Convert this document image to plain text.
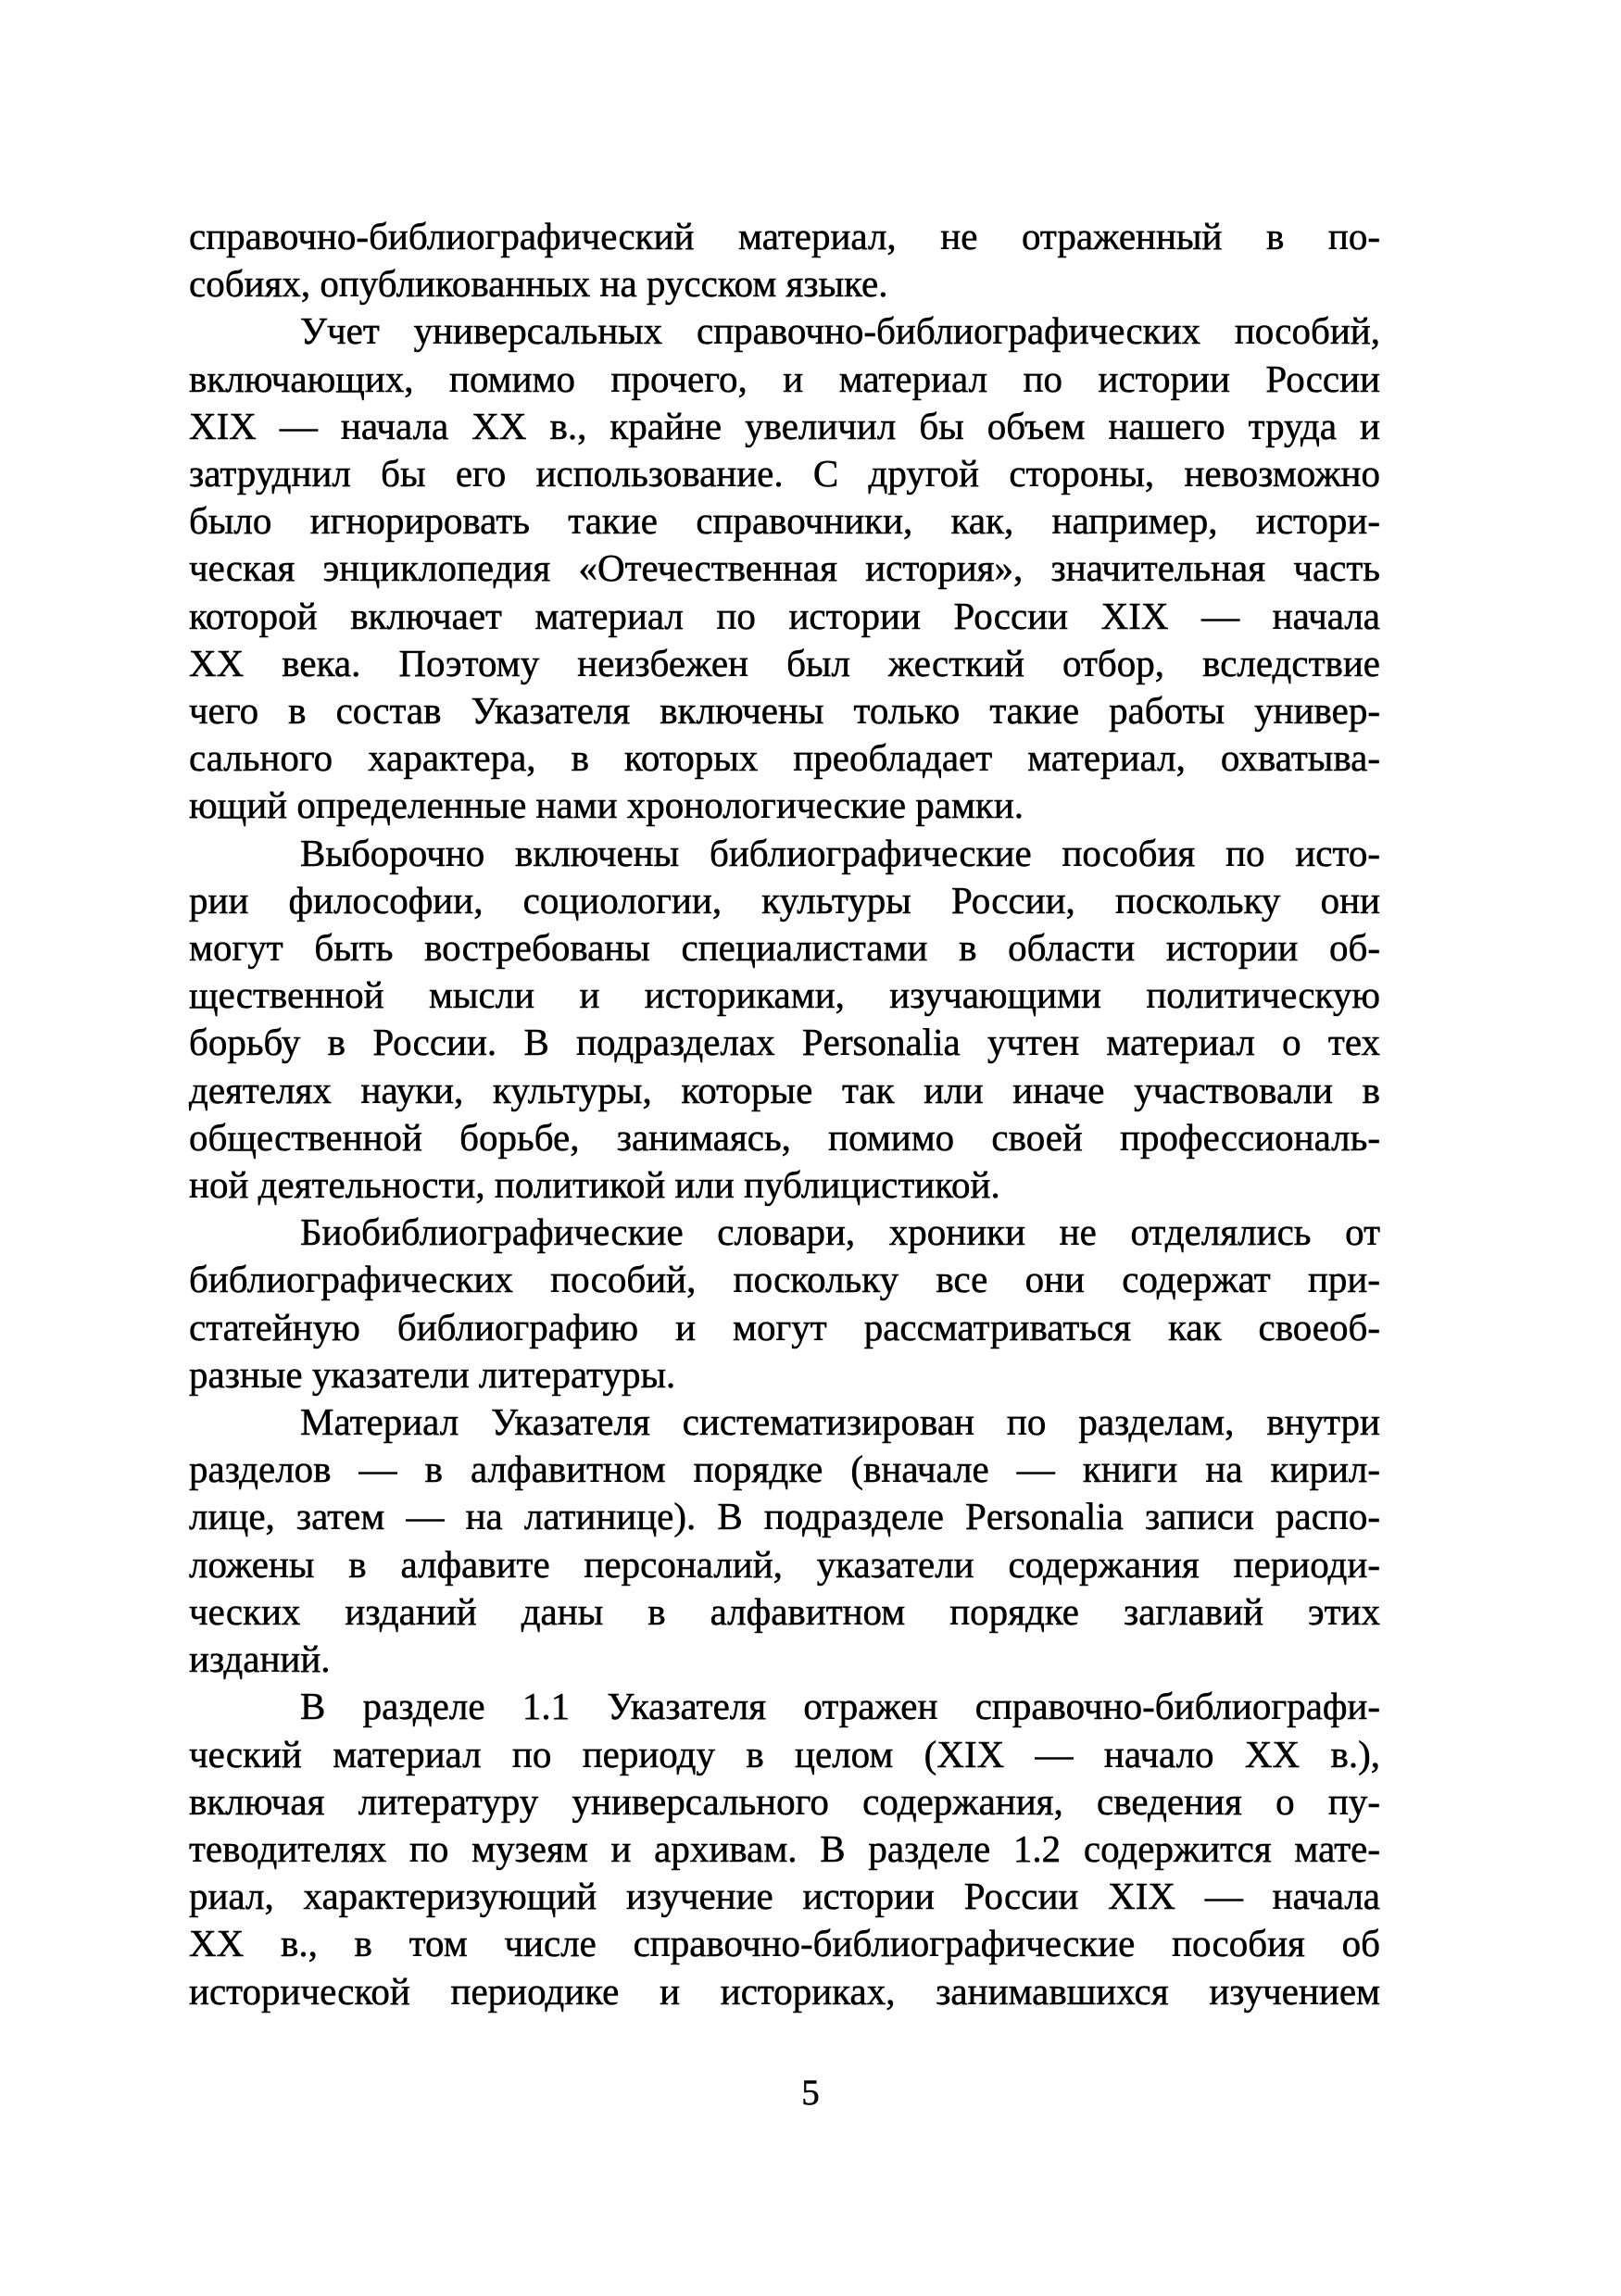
справочно-библиографический материал, не отраженный в по-
собиях, опубликованных на русском языке.
Учет универсальных справочно-библиографических пособий,
включающих, помимо прочего, и материал по истории России
XIX — начала XX в., крайне увеличил бы объем нашего труда и
затруднил бы его использование. С другой стороны, невозможно
было игнорировать такие справочники, как, например, истори-
ческая энциклопедия «Отечественная история», значительная часть
которой включает материал по истории России XIX — начала
XX века. Поэтому неизбежен был жесткий отбор, вследствие
чего в состав Указателя включены только такие работы универ-
сального характера, в которых преобладает материал, охватыва-
ющий определенные нами хронологические рамки.
Выборочно включены библиографические пособия по исто-
рии философии, социологии, культуры России, поскольку они
могут быть востребованы специалистами в области истории об-
щественной мысли и историками, изучающими политическую
борьбу в России. В подразделах Personalia учтен материал о тех
деятелях науки, культуры, которые так или иначе участвовали в
общественной борьбе, занимаясь, помимо своей профессиональ-
ной деятельности, политикой или публицистикой.
Биобиблиографические словари, хроники не отделялись от
библиографических пособий, поскольку все они содержат при-
статейную библиографию и могут рассматриваться как своеоб-
разные указатели литературы.
Материал Указателя систематизирован по разделам, внутри
разделов — в алфавитном порядке (вначале — книги на кирил-
лице, затем — на латинице). В подразделе Personalia записи распо-
ложены в алфавите персоналий, указатели содержания периоди-
ческих изданий даны в алфавитном порядке заглавий этих
изданий.
В разделе 1.1 Указателя отражен справочно-библиографи-
ческий материал по периоду в целом (XIX — начало XX в.),
включая литературу универсального содержания, сведения о пу-
теводителях по музеям и архивам. В разделе 1.2 содержится мате-
риал, характеризующий изучение истории России XIX — начала
XX в., в том числе справочно-библиографические пособия об
исторической периодике и историках, занимавшихся изучением
5
